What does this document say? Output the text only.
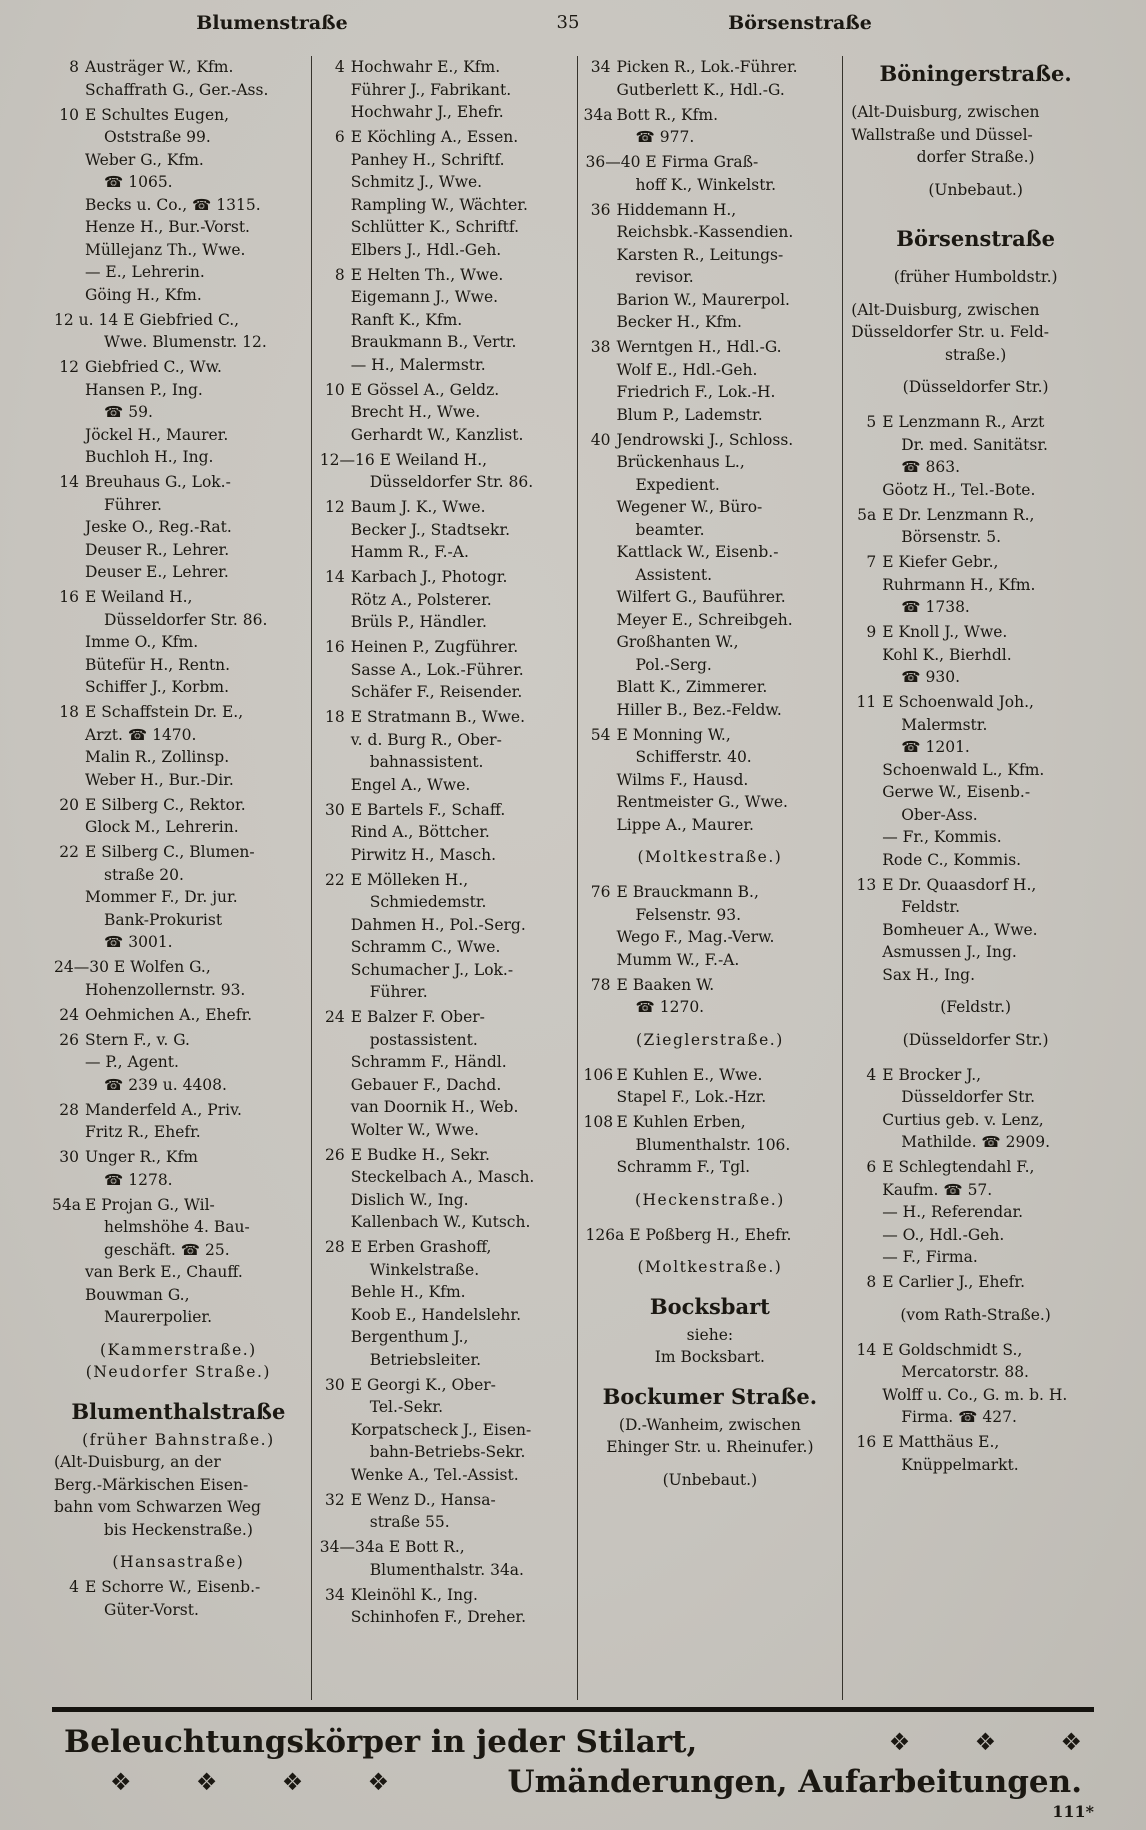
Blumenstraße	35	Börsenstraße
8 Austräger W., Kfm.
Schaffrath G., Ger.-Ass.
10 E Schultes Eugen,
Oststraße 99.
Weber G., Kfm.
☎ 1065.
Becks u. Co., ☎ 1315.
Henze H., Bur.-Vorst.
Müllejanz Th., Wwe.
— E., Lehrerin.
Göing H., Kfm.
12 u. 14 E Giebfried C.,
Wwe. Blumenstr. 12.
12 Giebfried C., Ww.
Hansen P., Ing.
☎ 59.
Jöckel H., Maurer.
Buchloh H., Ing.
14 Breuhaus G., Lok.-
Führer.
Jeske O., Reg.-Rat.
Deuser R., Lehrer.
Deuser E., Lehrer.
16 E Weiland H.,
Düsseldorfer Str. 86.
Imme O., Kfm.
Bütefür H., Rentn.
Schiffer J., Korbm.
18 E Schaffstein Dr. E.,
Arzt. ☎ 1470.
Malin R., Zollinsp.
Weber H., Bur.-Dir.
20 E Silberg C., Rektor.
Glock M., Lehrerin.
22 E Silberg C., Blumen-
straße 20.
Mommer F., Dr. jur.
Bank-Prokurist
☎ 3001.
24—30 E Wolfen G.,
Hohenzollernstr. 93.
24 Oehmichen A., Ehefr.
26 Stern F., v. G.
— P., Agent.
☎ 239 u. 4408.
28 Manderfeld A., Priv.
Fritz R., Ehefr.
30 Unger R., Kfm
☎ 1278.
54a E Projan G., Wil-
helmshöhe 4. Bau-
geschäft. ☎ 25.
van Berk E., Chauff.
Bouwman G.,
Maurerpolier.
(Kammerstraße.)
(Neudorfer Straße.)
Blumenthalstraße
(früher Bahnstraße.)
(Alt-Duisburg, an der
Berg.-Märkischen Eisen-
bahn vom Schwarzen Weg
bis Heckenstraße.)
(Hansastraße)
4 E Schorre W., Eisenb.-
Güter-Vorst.
4 Hochwahr E., Kfm.
Führer J., Fabrikant.
Hochwahr J., Ehefr.
6 E Köchling A., Essen.
Panhey H., Schriftf.
Schmitz J., Wwe.
Rampling W., Wächter.
Schlütter K., Schriftf.
Elbers J., Hdl.-Geh.
8 E Helten Th., Wwe.
Eigemann J., Wwe.
Ranft K., Kfm.
Braukmann B., Vertr.
— H., Malermstr.
10 E Gössel A., Geldz.
Brecht H., Wwe.
Gerhardt W., Kanzlist.
12—16 E Weiland H.,
Düsseldorfer Str. 86.
12 Baum J. K., Wwe.
Becker J., Stadtsekr.
Hamm R., F.-A.
14 Karbach J., Photogr.
Rötz A., Polsterer.
Brüls P., Händler.
16 Heinen P., Zugführer.
Sasse A., Lok.-Führer.
Schäfer F., Reisender.
18 E Stratmann B., Wwe.
v. d. Burg R., Ober-
bahnassistent.
Engel A., Wwe.
30 E Bartels F., Schaff.
Rind A., Böttcher.
Pirwitz H., Masch.
22 E Mölleken H.,
Schmiedemstr.
Dahmen H., Pol.-Serg.
Schramm C., Wwe.
Schumacher J., Lok.-
Führer.
24 E Balzer F. Ober-
postassistent.
Schramm F., Händl.
Gebauer F., Dachd.
van Doornik H., Web.
Wolter W., Wwe.
26 E Budke H., Sekr.
Steckelbach A., Masch.
Dislich W., Ing.
Kallenbach W., Kutsch.
28 E Erben Grashoff,
Winkelstraße.
Behle H., Kfm.
Koob E., Handelslehr.
Bergenthum J.,
Betriebsleiter.
30 E Georgi K., Ober-
Tel.-Sekr.
Korpatscheck J., Eisen-
bahn-Betriebs-Sekr.
Wenke A., Tel.-Assist.
32 E Wenz D., Hansa-
straße 55.
34—34a E Bott R.,
Blumenthalstr. 34a.
34 Kleinöhl K., Ing.
Schinhofen F., Dreher.
34 Picken R., Lok.-Führer.
Gutberlett K., Hdl.-G.
34a Bott R., Kfm.
☎ 977.
36—40 E Firma Graß-
hoff K., Winkelstr.
36 Hiddemann H.,
Reichsbk.-Kassendien.
Karsten R., Leitungs-
revisor.
Barion W., Maurerpol.
Becker H., Kfm.
38 Werntgen H., Hdl.-G.
Wolf E., Hdl.-Geh.
Friedrich F., Lok.-H.
Blum P., Lademstr.
40 Jendrowski J., Schloss.
Brückenhaus L.,
Expedient.
Wegener W., Büro-
beamter.
Kattlack W., Eisenb.-
Assistent.
Wilfert G., Bauführer.
Meyer E., Schreibgeh.
Großhanten W.,
Pol.-Serg.
Blatt K., Zimmerer.
Hiller B., Bez.-Feldw.
54 E Monning W.,
Schifferstr. 40.
Wilms F., Hausd.
Rentmeister G., Wwe.
Lippe A., Maurer.
(Moltkestraße.)
76 E Brauckmann B.,
Felsenstr. 93.
Wego F., Mag.-Verw.
Mumm W., F.-A.
78 E Baaken W.
☎ 1270.
(Zieglerstraße.)
106 E Kuhlen E., Wwe.
Stapel F., Lok.-Hzr.
108 E Kuhlen Erben,
Blumenthalstr. 106.
Schramm F., Tgl.
(Heckenstraße.)
126a E Poßberg H., Ehefr.
(Moltkestraße.)
Bocksbart
siehe:
Im Bocksbart.
Bockumer Straße.
(D.-Wanheim, zwischen
Ehinger Str. u. Rheinufer.)
(Unbebaut.)
Böningerstraße.
(Alt-Duisburg, zwischen
Wallstraße und Düssel-
dorfer Straße.)
(Unbebaut.)
Börsenstraße
(früher Humboldstr.)
(Alt-Duisburg, zwischen
Düsseldorfer Str. u. Feld-
straße.)
(Düsseldorfer Str.)
5 E Lenzmann R., Arzt
Dr. med. Sanitätsr.
☎ 863.
Göotz H., Tel.-Bote.
5a E Dr. Lenzmann R.,
Börsenstr. 5.
7 E Kiefer Gebr.,
Ruhrmann H., Kfm.
☎ 1738.
9 E Knoll J., Wwe.
Kohl K., Bierhdl.
☎ 930.
11 E Schoenwald Joh.,
Malermstr.
☎ 1201.
Schoenwald L., Kfm.
Gerwe W., Eisenb.-
Ober-Ass.
— Fr., Kommis.
Rode C., Kommis.
13 E Dr. Quaasdorf H.,
Feldstr.
Bomheuer A., Wwe.
Asmussen J., Ing.
Sax H., Ing.
(Feldstr.)
(Düsseldorfer Str.)
4 E Brocker J.,
Düsseldorfer Str.
Curtius geb. v. Lenz,
Mathilde. ☎ 2909.
6 E Schlegtendahl F.,
Kaufm. ☎ 57.
— H., Referendar.
— O., Hdl.-Geh.
— F., Firma.
8 E Carlier J., Ehefr.
(vom Rath-Straße.)
14 E Goldschmidt S.,
Mercatorstr. 88.
Wolff u. Co., G. m. b. H.
Firma. ☎ 427.
16 E Matthäus E.,
Knüppelmarkt.
Beleuchtungskörper in jeder Stilart,	❖ ❖ ❖
❖ ❖ ❖ ❖	Umänderungen, Aufarbeitungen.
111*
